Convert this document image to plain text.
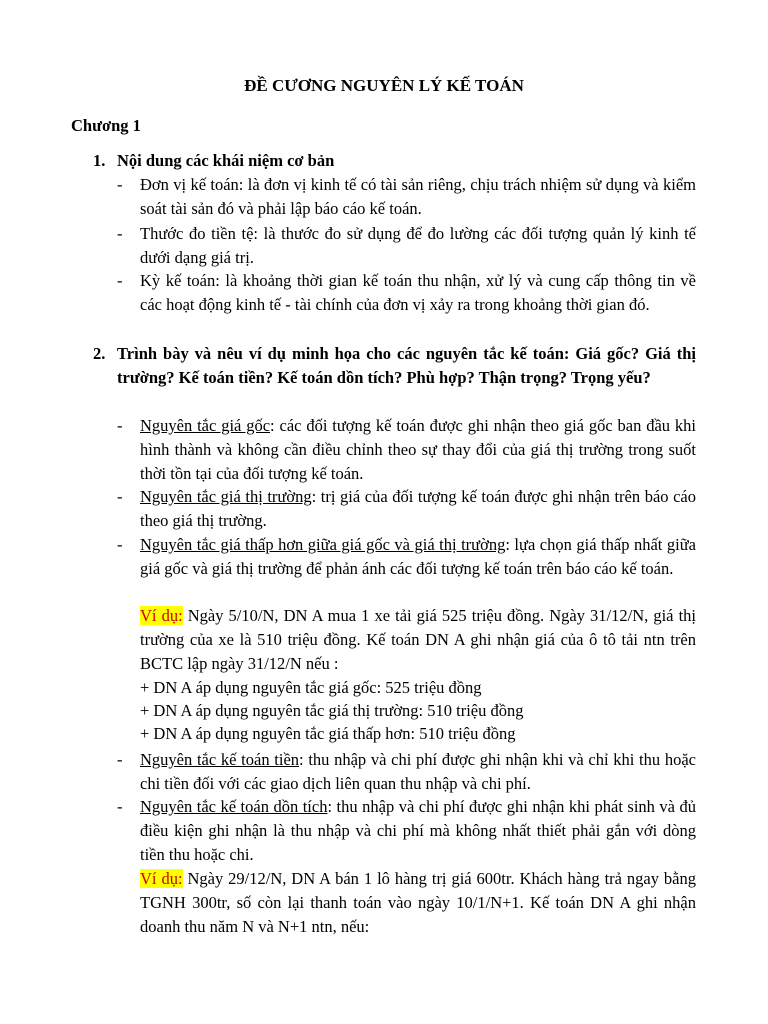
ĐỀ CƯƠNG NGUYÊN LÝ KẾ TOÁN
Chương 1
1. Nội dung các khái niệm cơ bản
- Đơn vị kế toán: là đơn vị kinh tế có tài sản riêng, chịu trách nhiệm sử dụng và kiểm soát tài sản đó và phải lập báo cáo kế toán.
- Thước đo tiền tệ: là thước đo sử dụng để đo lường các đối tượng quản lý kinh tế dưới dạng giá trị.
- Kỳ kế toán: là khoảng thời gian kế toán thu nhận, xử lý và cung cấp thông tin về các hoạt động kinh tế - tài chính của đơn vị xảy ra trong khoảng thời gian đó.
2. Trình bày và nêu ví dụ minh họa cho các nguyên tắc kế toán: Giá gốc? Giá thị trường? Kế toán tiền? Kế toán dồn tích? Phù hợp? Thận trọng? Trọng yếu?
- Nguyên tắc giá gốc: các đối tượng kế toán được ghi nhận theo giá gốc ban đầu khi hình thành và không cần điều chỉnh theo sự thay đổi của giá thị trường trong suốt thời tồn tại của đối tượng kế toán.
- Nguyên tắc giá thị trường: trị giá của đối tượng kế toán được ghi nhận trên báo cáo theo giá thị trường.
- Nguyên tắc giá thấp hơn giữa giá gốc và giá thị trường: lựa chọn giá thấp nhất giữa giá gốc và giá thị trường để phản ánh các đối tượng kế toán trên báo cáo kế toán.
Ví dụ: Ngày 5/10/N, DN A mua 1 xe tải giá 525 triệu đồng. Ngày 31/12/N, giá thị trường của xe là 510 triệu đồng. Kế toán DN A ghi nhận giá của ô tô tải ntn trên BCTC lập ngày 31/12/N nếu :
+ DN A áp dụng nguyên tắc giá gốc: 525 triệu đồng
+ DN A áp dụng nguyên tắc giá thị trường: 510 triệu đồng
+ DN A áp dụng nguyên tắc giá thấp hơn: 510 triệu đồng
- Nguyên tắc kế toán tiền: thu nhập và chi phí được ghi nhận khi và chỉ khi thu hoặc chi tiền đối với các giao dịch liên quan thu nhập và chi phí.
- Nguyên tắc kế toán dồn tích: thu nhập và chi phí được ghi nhận khi phát sinh và đủ điều kiện ghi nhận là thu nhập và chi phí mà không nhất thiết phải gắn với dòng tiền thu hoặc chi.
Ví dụ: Ngày 29/12/N, DN A bán 1 lô hàng trị giá 600tr. Khách hàng trả ngay bằng TGNH 300tr, số còn lại thanh toán vào ngày 10/1/N+1. Kế toán DN A ghi nhận doanh thu năm N và N+1 ntn, nếu:
